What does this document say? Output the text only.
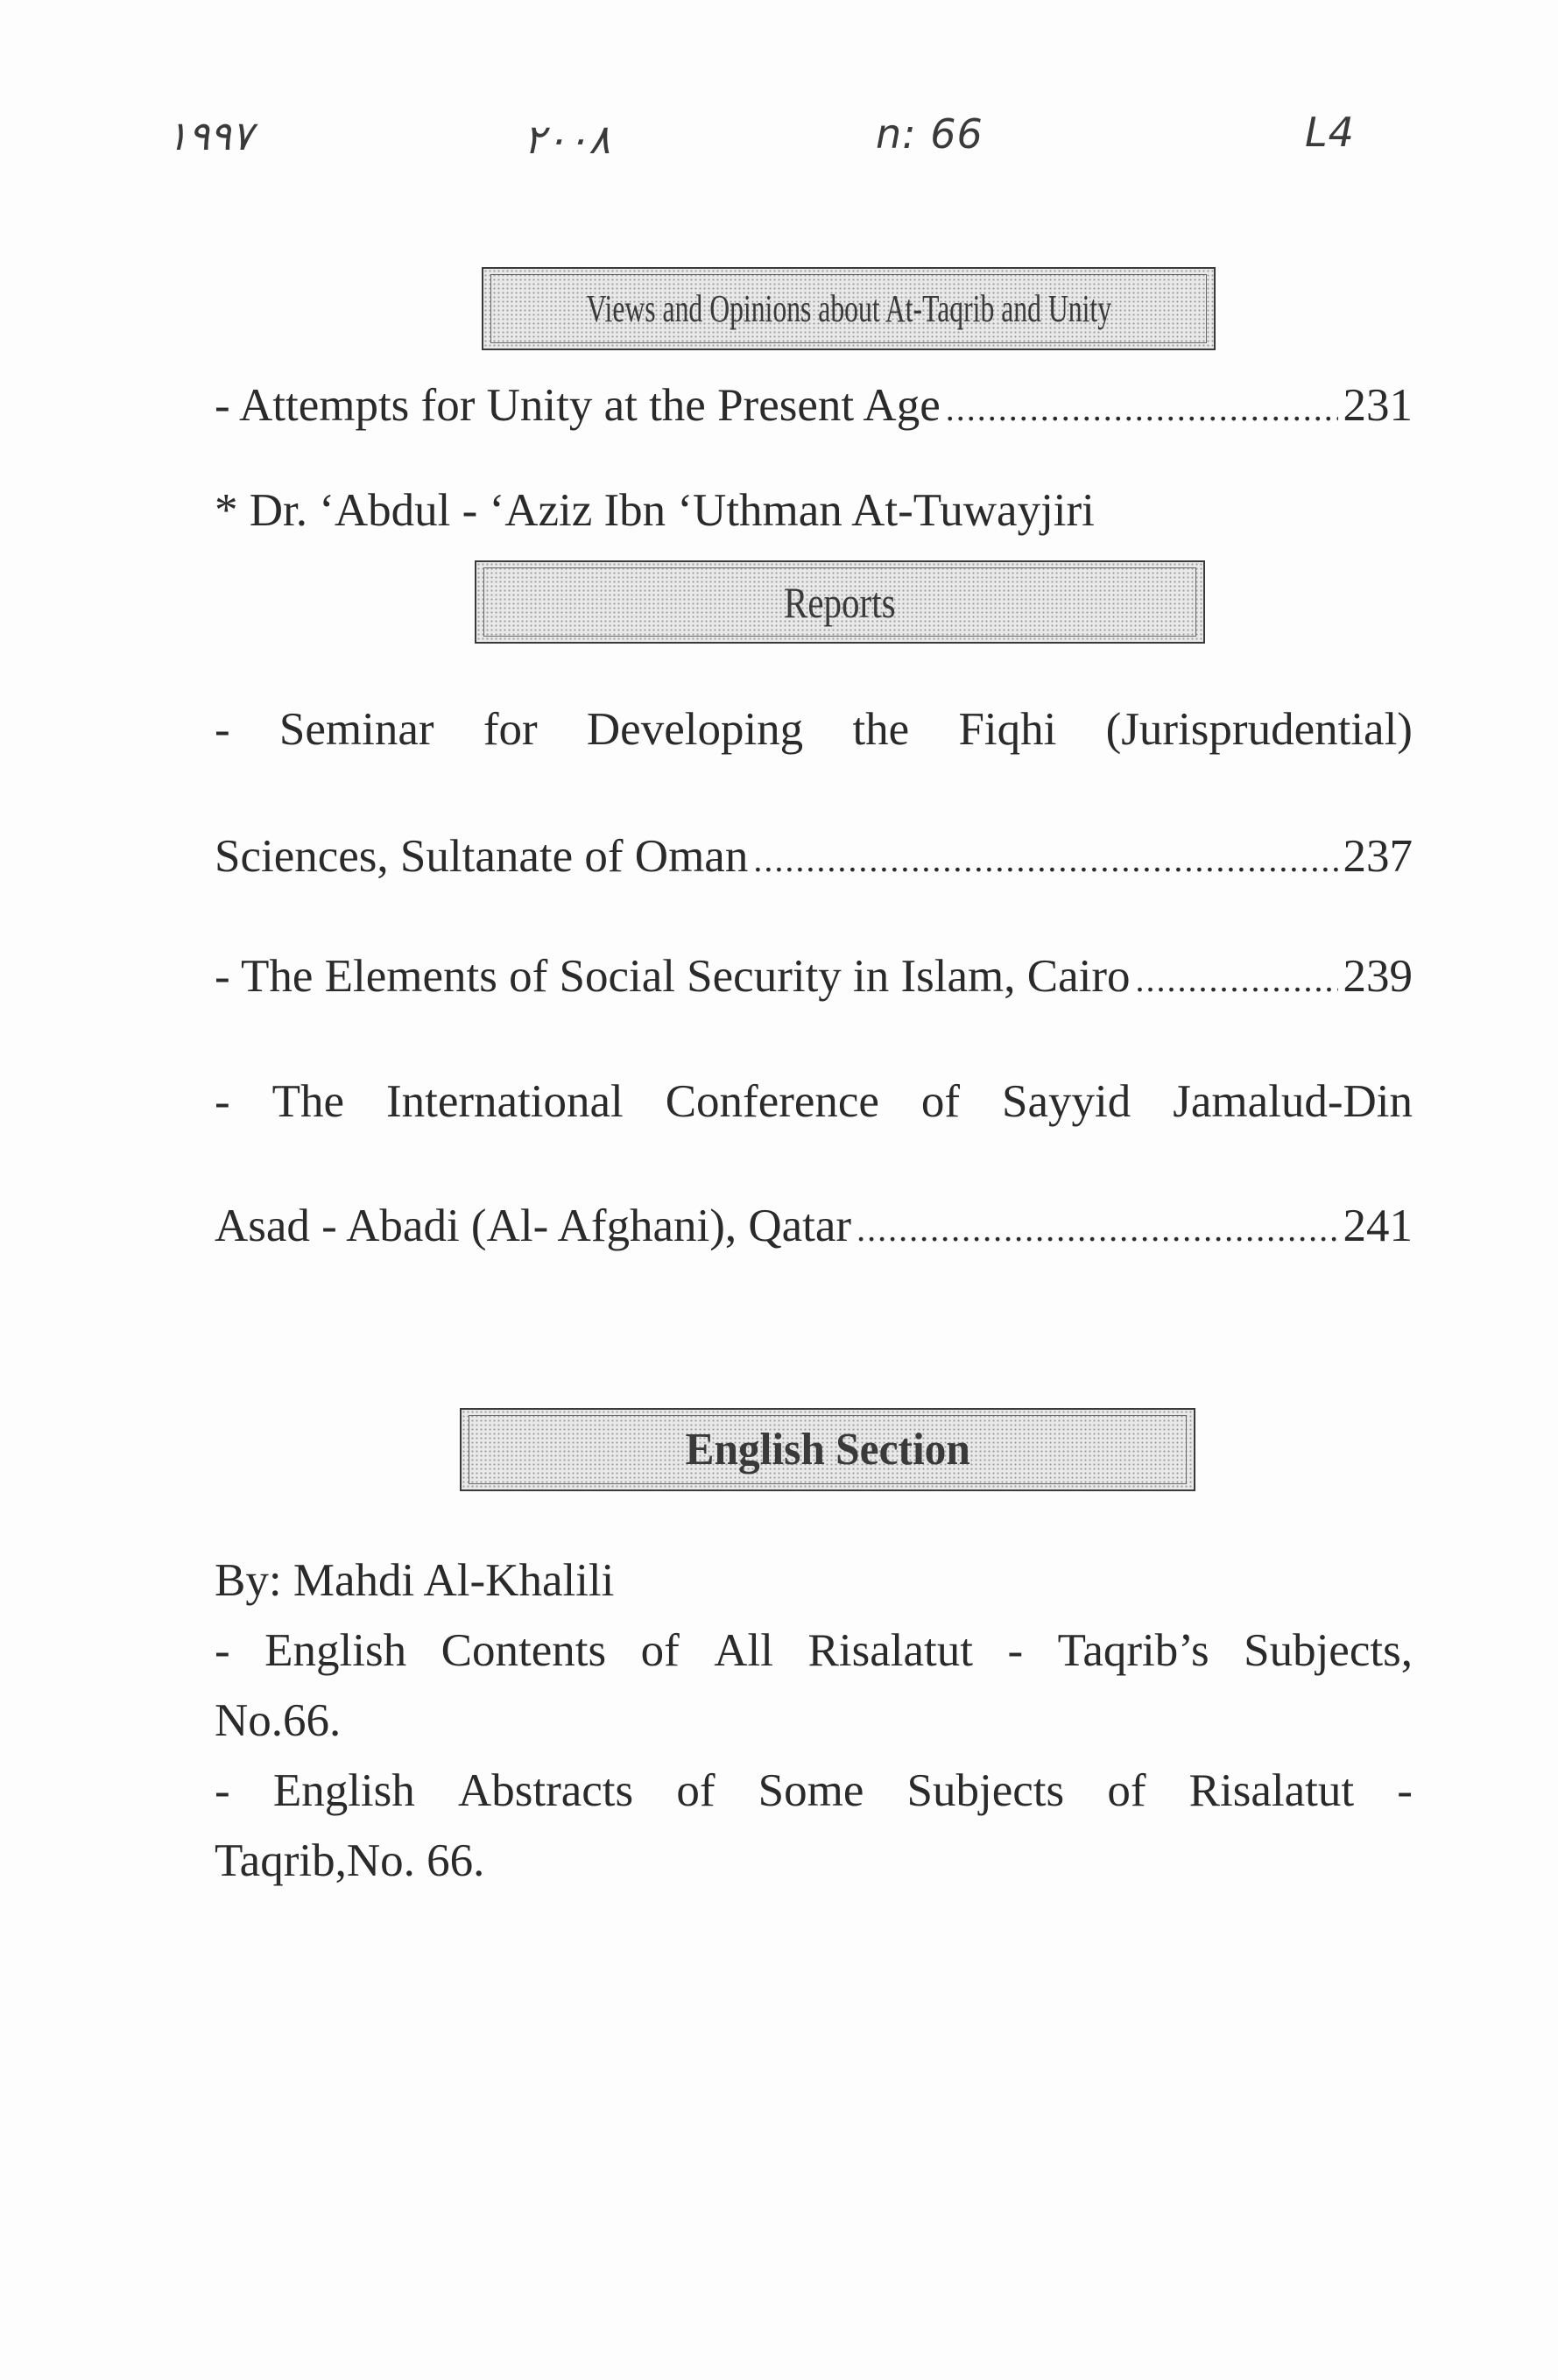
۱۹۹۷	۲۰۰۸	n: 66	L4
Views and Opinions about At-Taqrib and Unity
- Attempts for Unity at the Present Age .....	231
* Dr. ‘Abdul - ‘Aziz Ibn ‘Uthman At-Tuwayjiri
Reports
- Seminar for Developing the Fiqhi (Jurisprudential)
Sciences, Sultanate of Oman .....	237
- The Elements of Social Security in Islam, Cairo .....	239
- The International Conference of Sayyid Jamalud-Din
Asad - Abadi (Al- Afghani), Qatar .....	241
English Section
By: Mahdi Al-Khalili
- English Contents of All Risalatut - Taqrib’s Subjects,
No.66.
- English Abstracts of Some Subjects of Risalatut -
Taqrib,No. 66.
